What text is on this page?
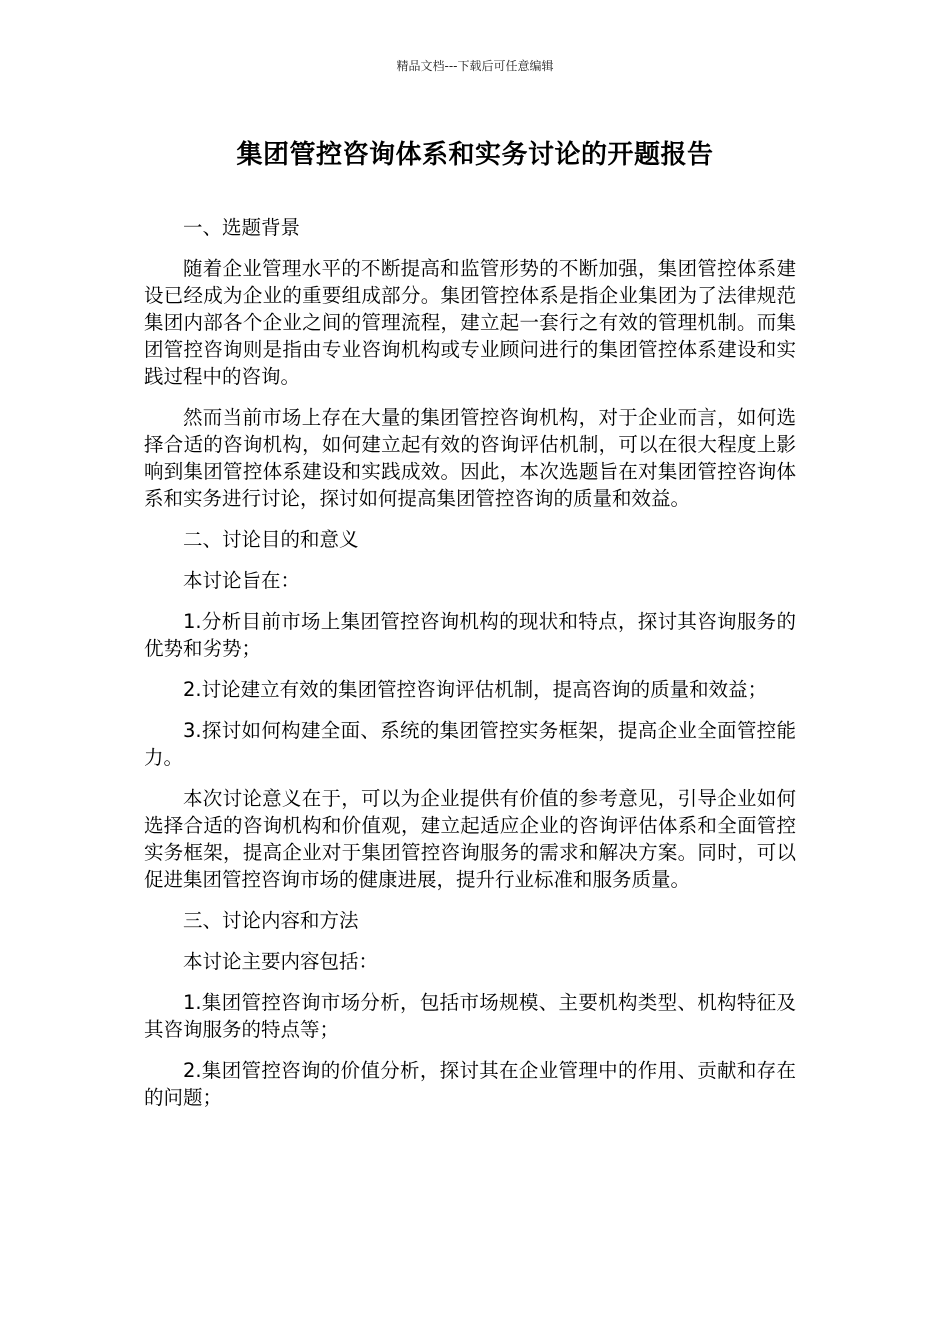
精品文档---下载后可任意编辑
集团管控咨询体系和实务讨论的开题报告

一、选题背景

随着企业管理水平的不断提高和监管形势的不断加强，集团管控体系建设已经成为企业的重要组成部分。集团管控体系是指企业集团为了法律规范集团内部各个企业之间的管理流程，建立起一套行之有效的管理机制。而集团管控咨询则是指由专业咨询机构或专业顾问进行的集团管控体系建设和实践过程中的咨询。

然而当前市场上存在大量的集团管控咨询机构，对于企业而言，如何选择合适的咨询机构，如何建立起有效的咨询评估机制，可以在很大程度上影响到集团管控体系建设和实践成效。因此，本次选题旨在对集团管控咨询体系和实务进行讨论，探讨如何提高集团管控咨询的质量和效益。

二、讨论目的和意义

本讨论旨在：

1.分析目前市场上集团管控咨询机构的现状和特点，探讨其咨询服务的优势和劣势；

2.讨论建立有效的集团管控咨询评估机制，提高咨询的质量和效益；

3.探讨如何构建全面、系统的集团管控实务框架，提高企业全面管控能力。

本次讨论意义在于，可以为企业提供有价值的参考意见，引导企业如何选择合适的咨询机构和价值观，建立起适应企业的咨询评估体系和全面管控实务框架，提高企业对于集团管控咨询服务的需求和解决方案。同时，可以促进集团管控咨询市场的健康进展，提升行业标准和服务质量。

三、讨论内容和方法

本讨论主要内容包括：

1.集团管控咨询市场分析，包括市场规模、主要机构类型、机构特征及其咨询服务的特点等；

2.集团管控咨询的价值分析，探讨其在企业管理中的作用、贡献和存在的问题；
